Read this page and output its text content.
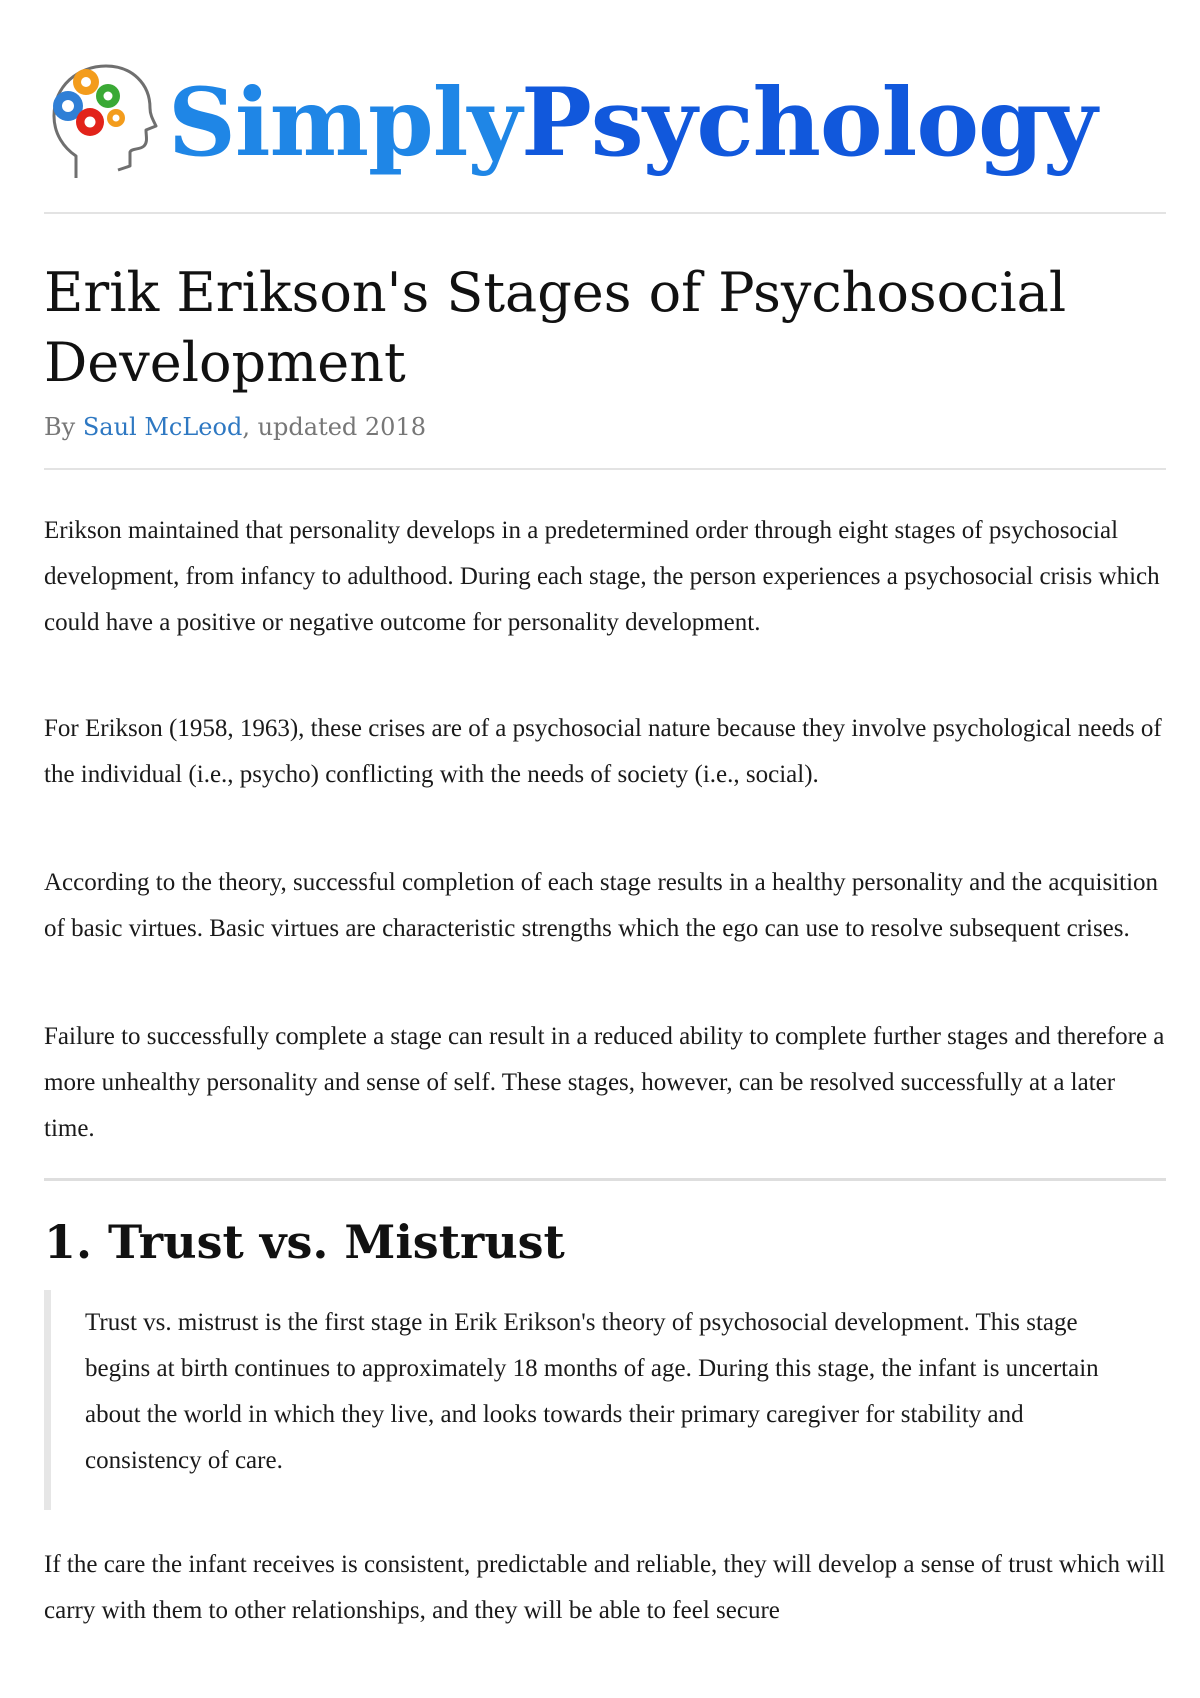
SimplyPsychology
Erik Erikson's Stages of Psychosocial Development
By Saul McLeod, updated 2018

Erikson maintained that personality develops in a predetermined order through eight stages of psychosocial development, from infancy to adulthood. During each stage, the person experiences a psychosocial crisis which could have a positive or negative outcome for personality development.

For Erikson (1958, 1963), these crises are of a psychosocial nature because they involve psychological needs of the individual (i.e., psycho) conflicting with the needs of society (i.e., social).

According to the theory, successful completion of each stage results in a healthy personality and the acquisition of basic virtues. Basic virtues are characteristic strengths which the ego can use to resolve subsequent crises.

Failure to successfully complete a stage can result in a reduced ability to complete further stages and therefore a more unhealthy personality and sense of self. These stages, however, can be resolved successfully at a later time.

1. Trust vs. Mistrust

Trust vs. mistrust is the first stage in Erik Erikson's theory of psychosocial development. This stage begins at birth continues to approximately 18 months of age. During this stage, the infant is uncertain about the world in which they live, and looks towards their primary caregiver for stability and consistency of care.

If the care the infant receives is consistent, predictable and reliable, they will develop a sense of trust which will carry with them to other relationships, and they will be able to feel secure
